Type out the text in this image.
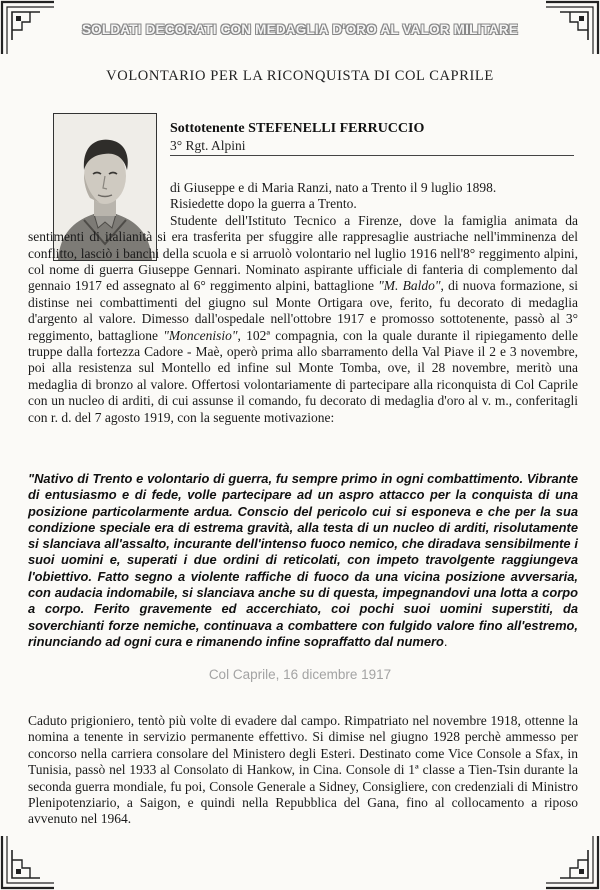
SOLDATI DECORATI CON MEDAGLIA D'ORO AL VALOR MILITARE
VOLONTARIO PER LA RICONQUISTA DI COL CAPRILE
Sottotenente STEFENELLI FERRUCCIO
3° Rgt. Alpini

di Giuseppe e di Maria Ranzi, nato a Trento il 9 luglio 1898.

Risiedette dopo la guerra a Trento.

Studente dell'Istituto Tecnico a Firenze, dove la famiglia animata da sentimenti di italianità si era trasferita per sfuggire alle rappresaglie austriache nell'imminenza del conflitto, lasciò i banchi della scuola e si arruolò volontario nel luglio 1916 nell'8° reggimento alpini, col nome di guerra Giuseppe Gennari. Nominato aspirante ufficiale di fanteria di complemento dal gennaio 1917 ed assegnato al 6° reggimento alpini, battaglione "M. Baldo", di nuova formazione, si distinse nei combattimenti del giugno sul Monte Ortigara ove, ferito, fu decorato di medaglia d'argento al valore. Dimesso dall'ospedale nell'ottobre 1917 e promosso sottotenente, passò al 3° reggimento, battaglione "Moncenisio", 102ª compagnia, con la quale durante il ripiegamento delle truppe dalla fortezza Cadore - Maè, operò prima allo sbarramento della Val Piave il 2 e 3 novembre, poi alla resistenza sul Montello ed infine sul Monte Tomba, ove, il 28 novembre, meritò una medaglia di bronzo al valore. Offertosi volontariamente di partecipare alla riconquista di Col Caprile con un nucleo di arditi, di cui assunse il comando, fu decorato di medaglia d'oro al v. m., conferitagli con r. d. del 7 agosto 1919, con la seguente motivazione:

"Nativo di Trento e volontario di guerra, fu sempre primo in ogni combattimento. Vibrante di entusiasmo e di fede, volle partecipare ad un aspro attacco per la conquista di una posizione particolarmente ardua. Conscio del pericolo cui si esponeva e che per la sua condizione speciale era di estrema gravità, alla testa di un nucleo di arditi, risolutamente si slanciava all'assalto, incurante dell'intenso fuoco nemico, che diradava sensibilmente i suoi uomini e, superati i due ordini di reticolati, con impeto travolgente raggiungeva l'obiettivo. Fatto segno a violente raffiche di fuoco da una vicina posizione avversaria, con audacia indomabile, si slanciava anche su di questa, impegnandovi una lotta a corpo a corpo. Ferito gravemente ed accerchiato, coi pochi suoi uomini superstiti, da soverchianti forze nemiche, continuava a combattere con fulgido valore fino all'estremo, rinunciando ad ogni cura e rimanendo infine sopraffatto dal numero.

Col Caprile, 16 dicembre 1917

Caduto prigioniero, tentò più volte di evadere dal campo. Rimpatriato nel novembre 1918, ottenne la nomina a tenente in servizio permanente effettivo. Si dimise nel giugno 1928 perchè ammesso per concorso nella carriera consolare del Ministero degli Esteri. Destinato come Vice Console a Sfax, in Tunisia, passò nel 1933 al Consolato di Hankow, in Cina. Console di 1ª classe a Tien-Tsin durante la seconda guerra mondiale, fu poi, Console Generale a Sidney, Consigliere, con credenziali di Ministro Plenipotenziario, a Saigon, e quindi nella Repubblica del Gana, fino al collocamento a riposo avvenuto nel 1964.
